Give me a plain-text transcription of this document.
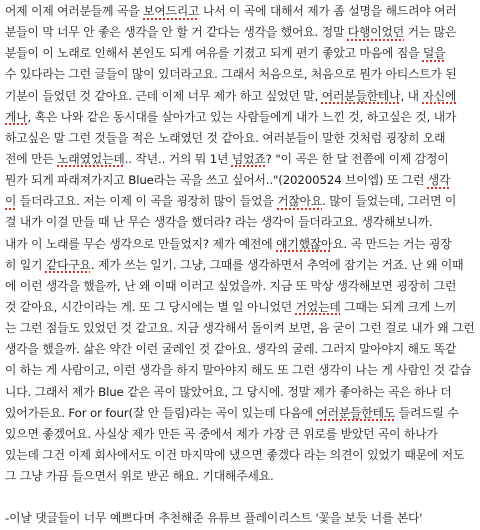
어제 이제 여러분들께 곡을 보여드리고 나서 이 곡에 대해서 제가 좀 설명을 해드려야 여러
분들이 막 너무 안 좋은 생각을 안 할 거 같다는 생각을 했어요. 정말 다행이었던 거는 많은
분들이 이 노래로 인해서 본인도 되게 여유를 기졌고 되게 편기 좋았고 마음에 짐을 덜을
수 있다라는 그런 글들이 많이 있더라고요. 그래서 처음으로, 처음으로 뭔가 아티스트가 된
기분이 들었던 것 같아요. 근데 이제 너무 제가 하고 싶었던 말, 여러분들한테나, 내 자신에
게나, 혹은 나와 같은 동시대를 살아가고 있는 사람들에게 내가 느낀 것, 하고싶은 것, 내가
하고싶은 말 그런 것들을 적은 노래였던 것 같아요. 여러분들이 말한 것처럼 굉장히 오래
전에 만든 노래였었는데.. 작년.. 거의 뭐 1년 넘었죠? "이 곡은 한 달 전쯤에 이제 감정이
뭔가 되게 파래져가지고 Blue라는 곡을 쓰고 싶어서.."(20200524 브이엡) 또 그런 생각
이 들더라고요. 저는 이제 이 곡을 굉장히 많이 들었을 거잖아요. 많이 들었는데, 그러면 이
걸 내가 이걸 만들 때 난 무슨 생각을 했더라? 라는 생각이 들더라고요. 생각해보니까.
내가 이 노래를 무슨 생각으로 만들었지? 제가 예전에 얘기했잖아요. 곡 만드는 거는 굉장
히 일기 같다구요. 제가 쓰는 일기. 그냥, 그때를 생각하면서 추억에 잠기는 거죠. 난 왜 이때
에 이런 생각을 했을까, 난 왜 이때 이러고 싶었을까. 지금 또 막상 생각해보면 굉장히 그런
것 같아요, 시간이라는 게. 또 그 당시에는 별 일 아니었던 거었는데 그때는 되게 크게 느끼
는 그런 점들도 있었던 것 같고요. 지금 생각해서 돌이켜 보면, 음 굳이 그런 걸로 내가 왜 그런
생각을 했을까. 삶은 약간 이런 굴레인 것 같아요. 생각의 굴레. 그러지 말아야지 해도 똑같
이 하는 게 사람이고, 이런 생각을 하지 말아야지 해도 또 그런 생각이 나는 게 사람인 것 같습
니다. 그래서 제가 Blue 같은 곡이 많았어요, 그 당시에. 정말 제가 좋아하는 곡은 하나 더
있어가든요. For or four(잘 안 들림)라는 곡이 있는데 다음에 여러분들한테도 들려드릴 수
있으면 좋겠어요. 사실상 제가 만든 곡 중에서 제가 가장 큰 위로를 받았던 곡이 하나가
있는데 그건 이제 회사에서도 이건 마지막에 냈으면 좋겠다 라는 의견이 있었기 때문에 저도
그 그냥 가끔 들으면서 위로 받곤 해요. 기대해주세요.
-이날 댓글들이 너무 예쁘다며 추천해준 유튜브 플레이리스트 '꽃을 보듯 너를 본다'
